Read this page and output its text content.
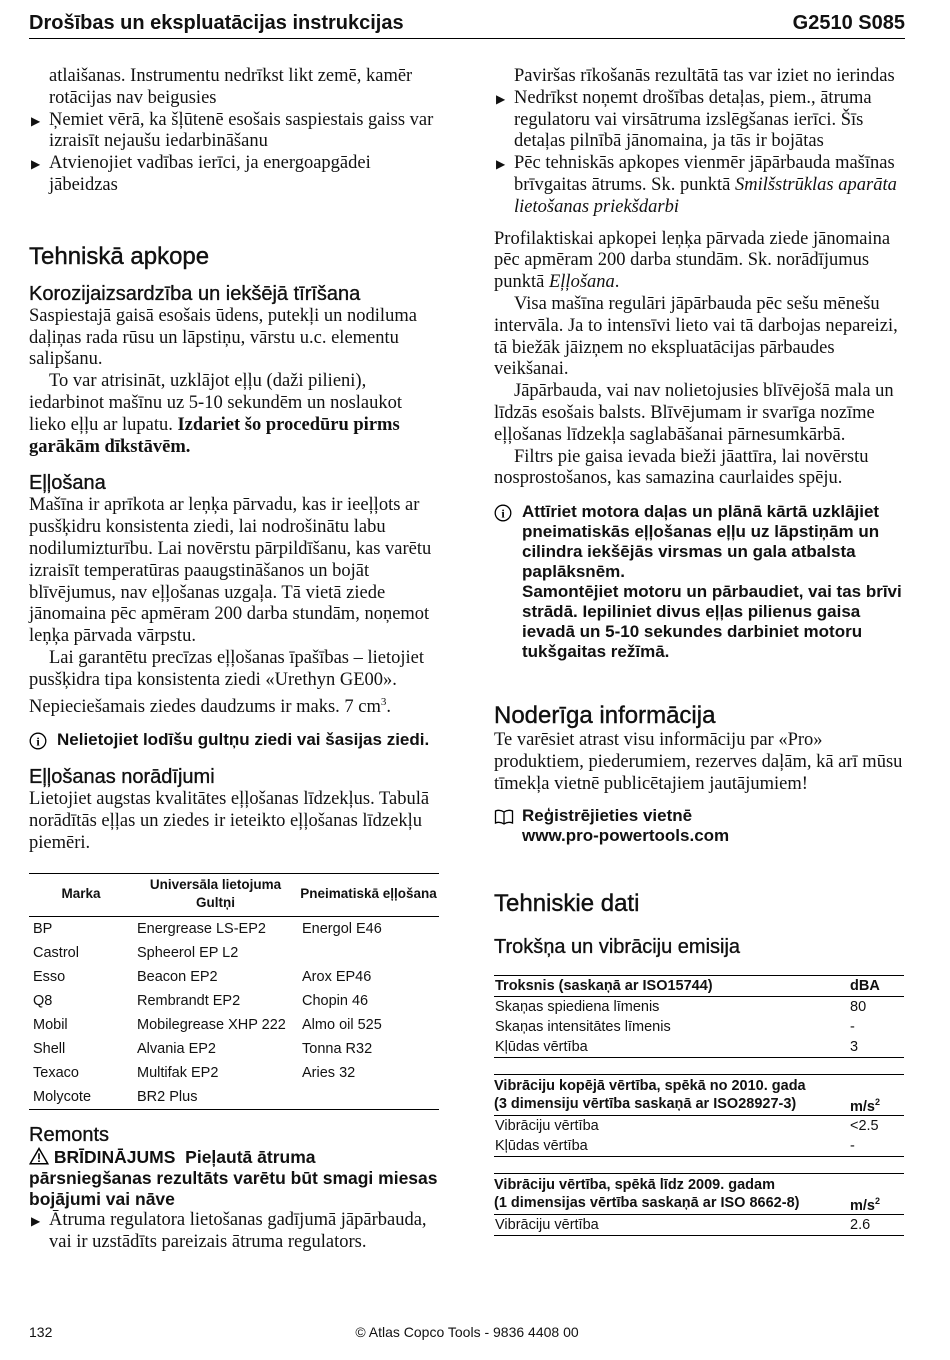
Drošības un ekspluatācijas instrukcijas	G2510 S085
atlaišanas. Instrumentu nedrīkst likt zemē, kamēr rotācijas nav beigusies
▶ Ņemiet vērā, ka šļūtenē esošais saspiestais gaiss var izraisīt nejaušu iedarbināšanu
▶ Atvienojiet vadības ierīci, ja energoapgādei jābeidzas
Tehniskā apkope
Korozijaizsardzība un iekšējā tīrīšana

Saspiestajā gaisā esošais ūdens, putekļi un nodiluma daļiņas rada rūsu un lāpstiņu, vārstu u.c. elementu salipšanu.

To var atrisināt, uzklājot eļļu (daži pilieni), iedarbinot mašīnu uz 5-10 sekundēm un noslaukot lieko eļļu ar lupatu. Izdariet šo procedūru pirms garākām dīkstāvēm.

Eļļošana

Mašīna ir aprīkota ar leņķa pārvadu, kas ir ieeļļots ar pusšķidru konsistenta ziedi, lai nodrošinātu labu nodilumizturību. Lai novērstu pārpildīšanu, kas varētu izraisīt temperatūras paaugstināšanos un bojāt blīvējumus, nav eļļošanas uzgaļa. Tā vietā ziede jānomaina pēc apmēram 200 darba stundām, noņemot leņķa pārvada vārpstu.

Lai garantētu precīzas eļļošanas īpašības – lietojiet pusšķidra tipa konsistenta ziedi «Urethyn GE00». Nepieciešamais ziedes daudzums ir maks. 7 $cm^3$.

i Nelietojiet lodīšu gultņu ziedi vai šasijas ziedi.
Eļļošanas norādījumi

Lietojiet augstas kvalitātes eļļošanas līdzekļus. Tabulā norādītās eļļas un ziedes ir ieteikto eļļošanas līdzekļu piemēri.

Marka	Universāla lietojuma Gultņi	Pneimatiskā eļļošana
BP	Energrease LS-EP2	Energol E46
Castrol	Spheerol EP L2	
Esso	Beacon EP2	Arox EP46
Q8	Rembrandt EP2	Chopin 46
Mobil	Mobilegrease XHP 222	Almo oil 525
Shell	Alvania EP2	Tonna R32
Texaco	Multifak EP2	Aries 32
Molycote	BR2 Plus	
Remonts
BRĪDINĀJUMS Pieļautā ātruma pārsniegšanas rezultāts varētu būt smagi miesas bojājumi vai nāve
▶ Ātruma regulatora lietošanas gadījumā jāpārbauda, vai ir uzstādīts pareizais ātruma regulators.
Paviršas rīkošanās rezultātā tas var iziet no ierindas
▶ Nedrīkst noņemt drošības detaļas, piem., ātruma regulatoru vai virsātruma izslēgšanas ierīci. Šīs detaļas pilnībā jānomaina, ja tās ir bojātas
▶ Pēc tehniskās apkopes vienmēr jāpārbauda mašīnas brīvgaitas ātrums. Sk. punktā Smilšstrūklas aparāta lietošanas priekšdarbi

Profilaktiskai apkopei leņķa pārvada ziede jānomaina pēc apmēram 200 darba stundām. Sk. norādījumus punktā Eļļošana.

Visa mašīna regulāri jāpārbauda pēc sešu mēnešu intervāla. Ja to intensīvi lieto vai tā darbojas nepareizi, tā biežāk jāizņem no ekspluatācijas pārbaudes veikšanai.

Jāpārbauda, vai nav nolietojusies blīvējošā mala un līdzās esošais balsts. Blīvējumam ir svarīga nozīme eļļošanas līdzekļa saglabāšanai pārnesumkārbā.

Filtrs pie gaisa ievada bieži jāattīra, lai novērstu nosprostošanos, kas samazina caurlaides spēju.

i Attīriet motora daļas un plānā kārtā uzklājiet pneimatiskās eļļošanas eļļu uz lāpstiņām un cilindra iekšējās virsmas un gala atbalsta paplāksnēm.
Samontējiet motoru un pārbaudiet, vai tas brīvi strādā. Iepiliniet divus eļļas pilienus gaisa ievadā un 5-10 sekundes darbiniet motoru tukšgaitas režīmā.
Noderīga informācija

Te varēsiet atrast visu informāciju par «Pro» produktiem, piederumiem, rezerves daļām, kā arī mūsu tīmekļa vietnē publicētajiem jautājumiem!

Reģistrējieties vietnē
www.pro-powertools.com
Tehniskie dati
Trokšņa un vibrāciju emisija
Troksnis (saskaņā ar ISO15744)	dBA
Skaņas spiediena līmenis	80
Skaņas intensitātes līmenis	-
Kļūdas vērtība	3
Vibrāciju kopējā vērtība, spēkā no 2010. gada
(3 dimensiju vērtība saskaņā ar ISO28927-3)	$m/s^2$
Vibrāciju vērtība	<2.5
Kļūdas vērtība	-
Vibrāciju vērtība, spēkā līdz 2009. gadam
(1 dimensijas vērtība saskaņā ar ISO 8662-8)	$m/s^2$
Vibrāciju vērtība	2.6
132	© Atlas Copco Tools - 9836 4408 00
